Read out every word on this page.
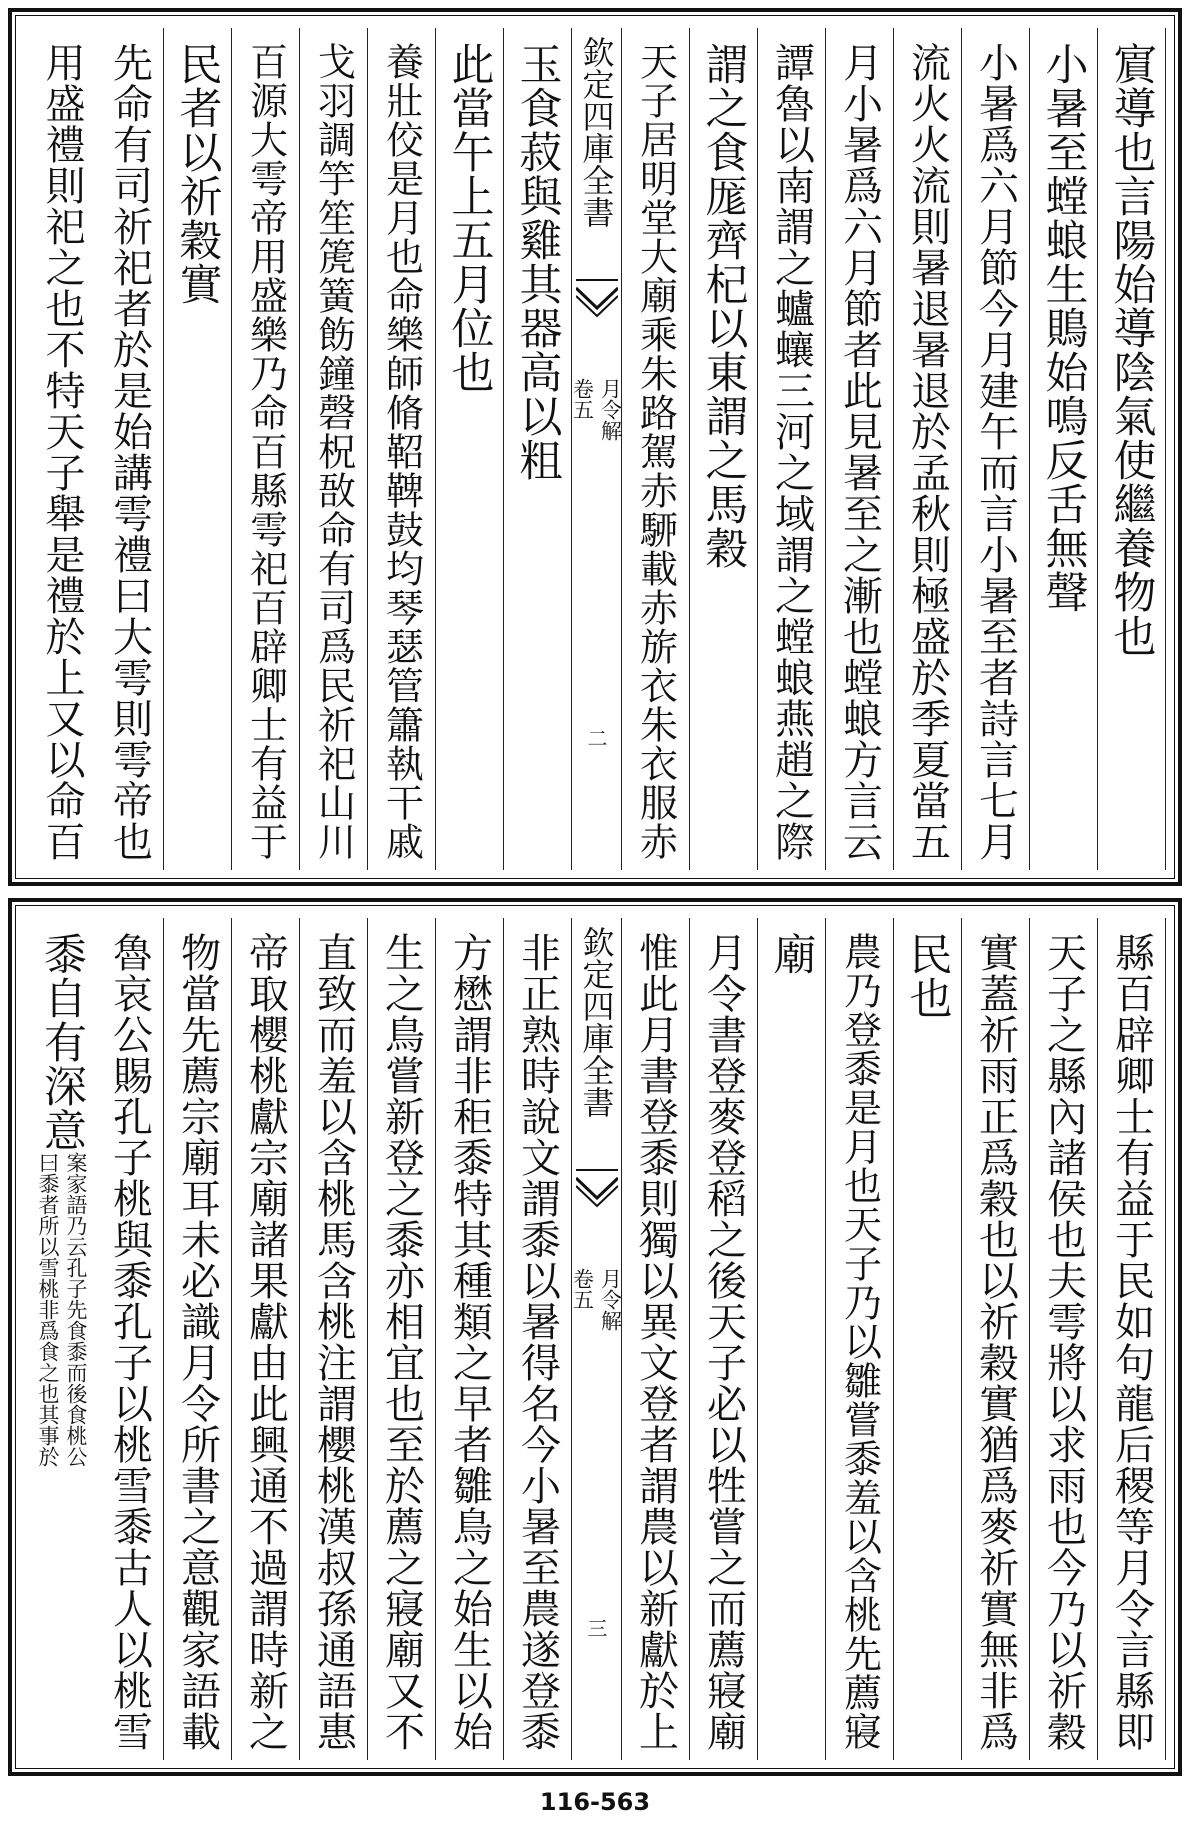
賔導也言陽始導陰氣使繼養物也
小暑至螳蜋生鵙始鳴反舌無聲
小暑爲六月節今月建午而言小暑至者詩言七月
流火火流則暑退暑退於孟秋則極盛於季夏當五
月小暑爲六月節者此見暑至之漸也螳蜋方言云
譚魯以南謂之蠦蠰三河之域謂之螳蜋燕趙之際
謂之食厖齊杞以東謂之馬穀
天子居明堂大廟乘朱路駕赤駵載赤旂衣朱衣服赤
欽定四庫全書
月令解
卷五
二
玉食菽與雞其器高以粗
此當午上五月位也
養壯佼是月也命樂師脩鞀鞞鼓均琴瑟管簫執干戚
戈羽調竽笙箎簧飭鐘磬柷敔命有司爲民祈祀山川
百源大雩帝用盛樂乃命百縣雩祀百辟卿士有益于
民者以祈穀實
先命有司祈祀者於是始講雩禮曰大雩則雩帝也
用盛禮則祀之也不特天子舉是禮於上又以命百
縣百辟卿士有益于民如句龍后稷等月令言縣即
天子之縣內諸侯也夫雩將以求雨也今乃以祈穀
實蓋祈雨正爲穀也以祈穀實猶爲麥祈實無非爲
民也
農乃登黍是月也天子乃以雛嘗黍羞以含桃先薦寢
廟
月令書登麥登稻之後天子必以牲嘗之而薦寢廟
惟此月書登黍則獨以異文登者謂農以新獻於上
欽定四庫全書
月令解
卷五
三
非正熟時說文謂黍以暑得名今小暑至農遂登黍
方懋謂非秬黍特其種類之早者雛鳥之始生以始
生之鳥嘗新登之黍亦相宜也至於薦之寢廟又不
直致而羞以含桃馬含桃注謂櫻桃漢叔孫通語惠
帝取櫻桃獻宗廟諸果獻由此興通不過謂時新之
物當先薦宗廟耳未必識月令所書之意觀家語載
魯哀公賜孔子桃與黍孔子以桃雪黍古人以桃雪
黍自有深意
案家語乃云孔子先食黍而後食桃公
曰黍者所以雪桃非爲食之也其事於
116-563
